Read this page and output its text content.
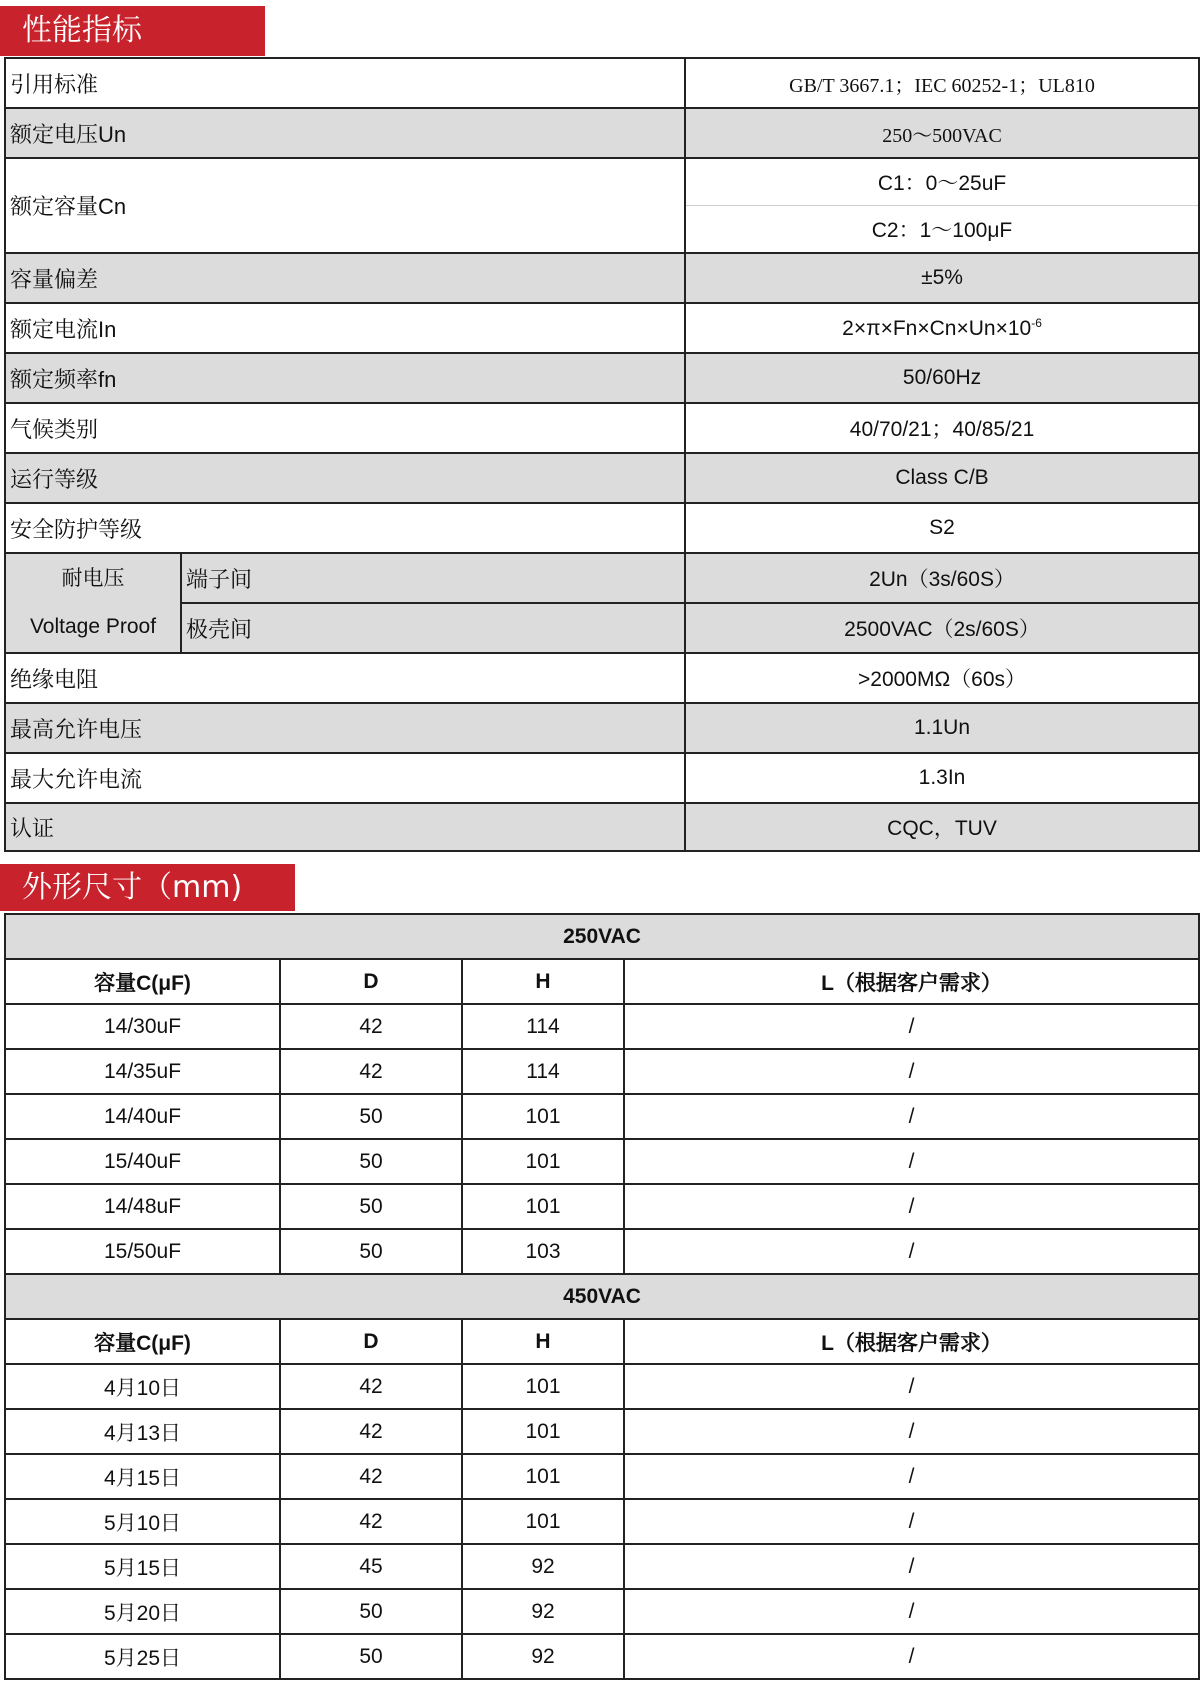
性能指标
引用标准		GB/T 3667.1；IEC 60252-1；UL810
额定电压Un		250～500VAC
额定容量Cn		C1：0～25uF
		C2：1～100μF
容量偏差		±5%
额定电流In		$2\times\pi\times Fn\times Cn\times Un\times 10^{-6}$
额定频率fn		50/60Hz
气候类别		40/70/21；40/85/21
运行等级		Class C/B
安全防护等级		S2

耐电压
Voltage Proof	端子间	2Un（3s/60S）
	极壳间	2500VAC（2s/60S）
绝缘电阻		>2000MΩ（60s）
最高允许电压		1.1Un
最大允许电流		1.3In
认证		CQC，TUV
外形尺寸（mm)
250VAC			
容量C(μF)	D	H	L（根据客户需求）
14/30uF	42	114	/
14/35uF	42	114	/
14/40uF	50	101	/
15/40uF	50	101	/
14/48uF	50	101	/
15/50uF	50	103	/
450VAC			
容量C(μF)	D	H	L（根据客户需求）
4月10日	42	101	/
4月13日	42	101	/
4月15日	42	101	/
5月10日	42	101	/
5月15日	45	92	/
5月20日	50	92	/
5月25日	50	92	/
